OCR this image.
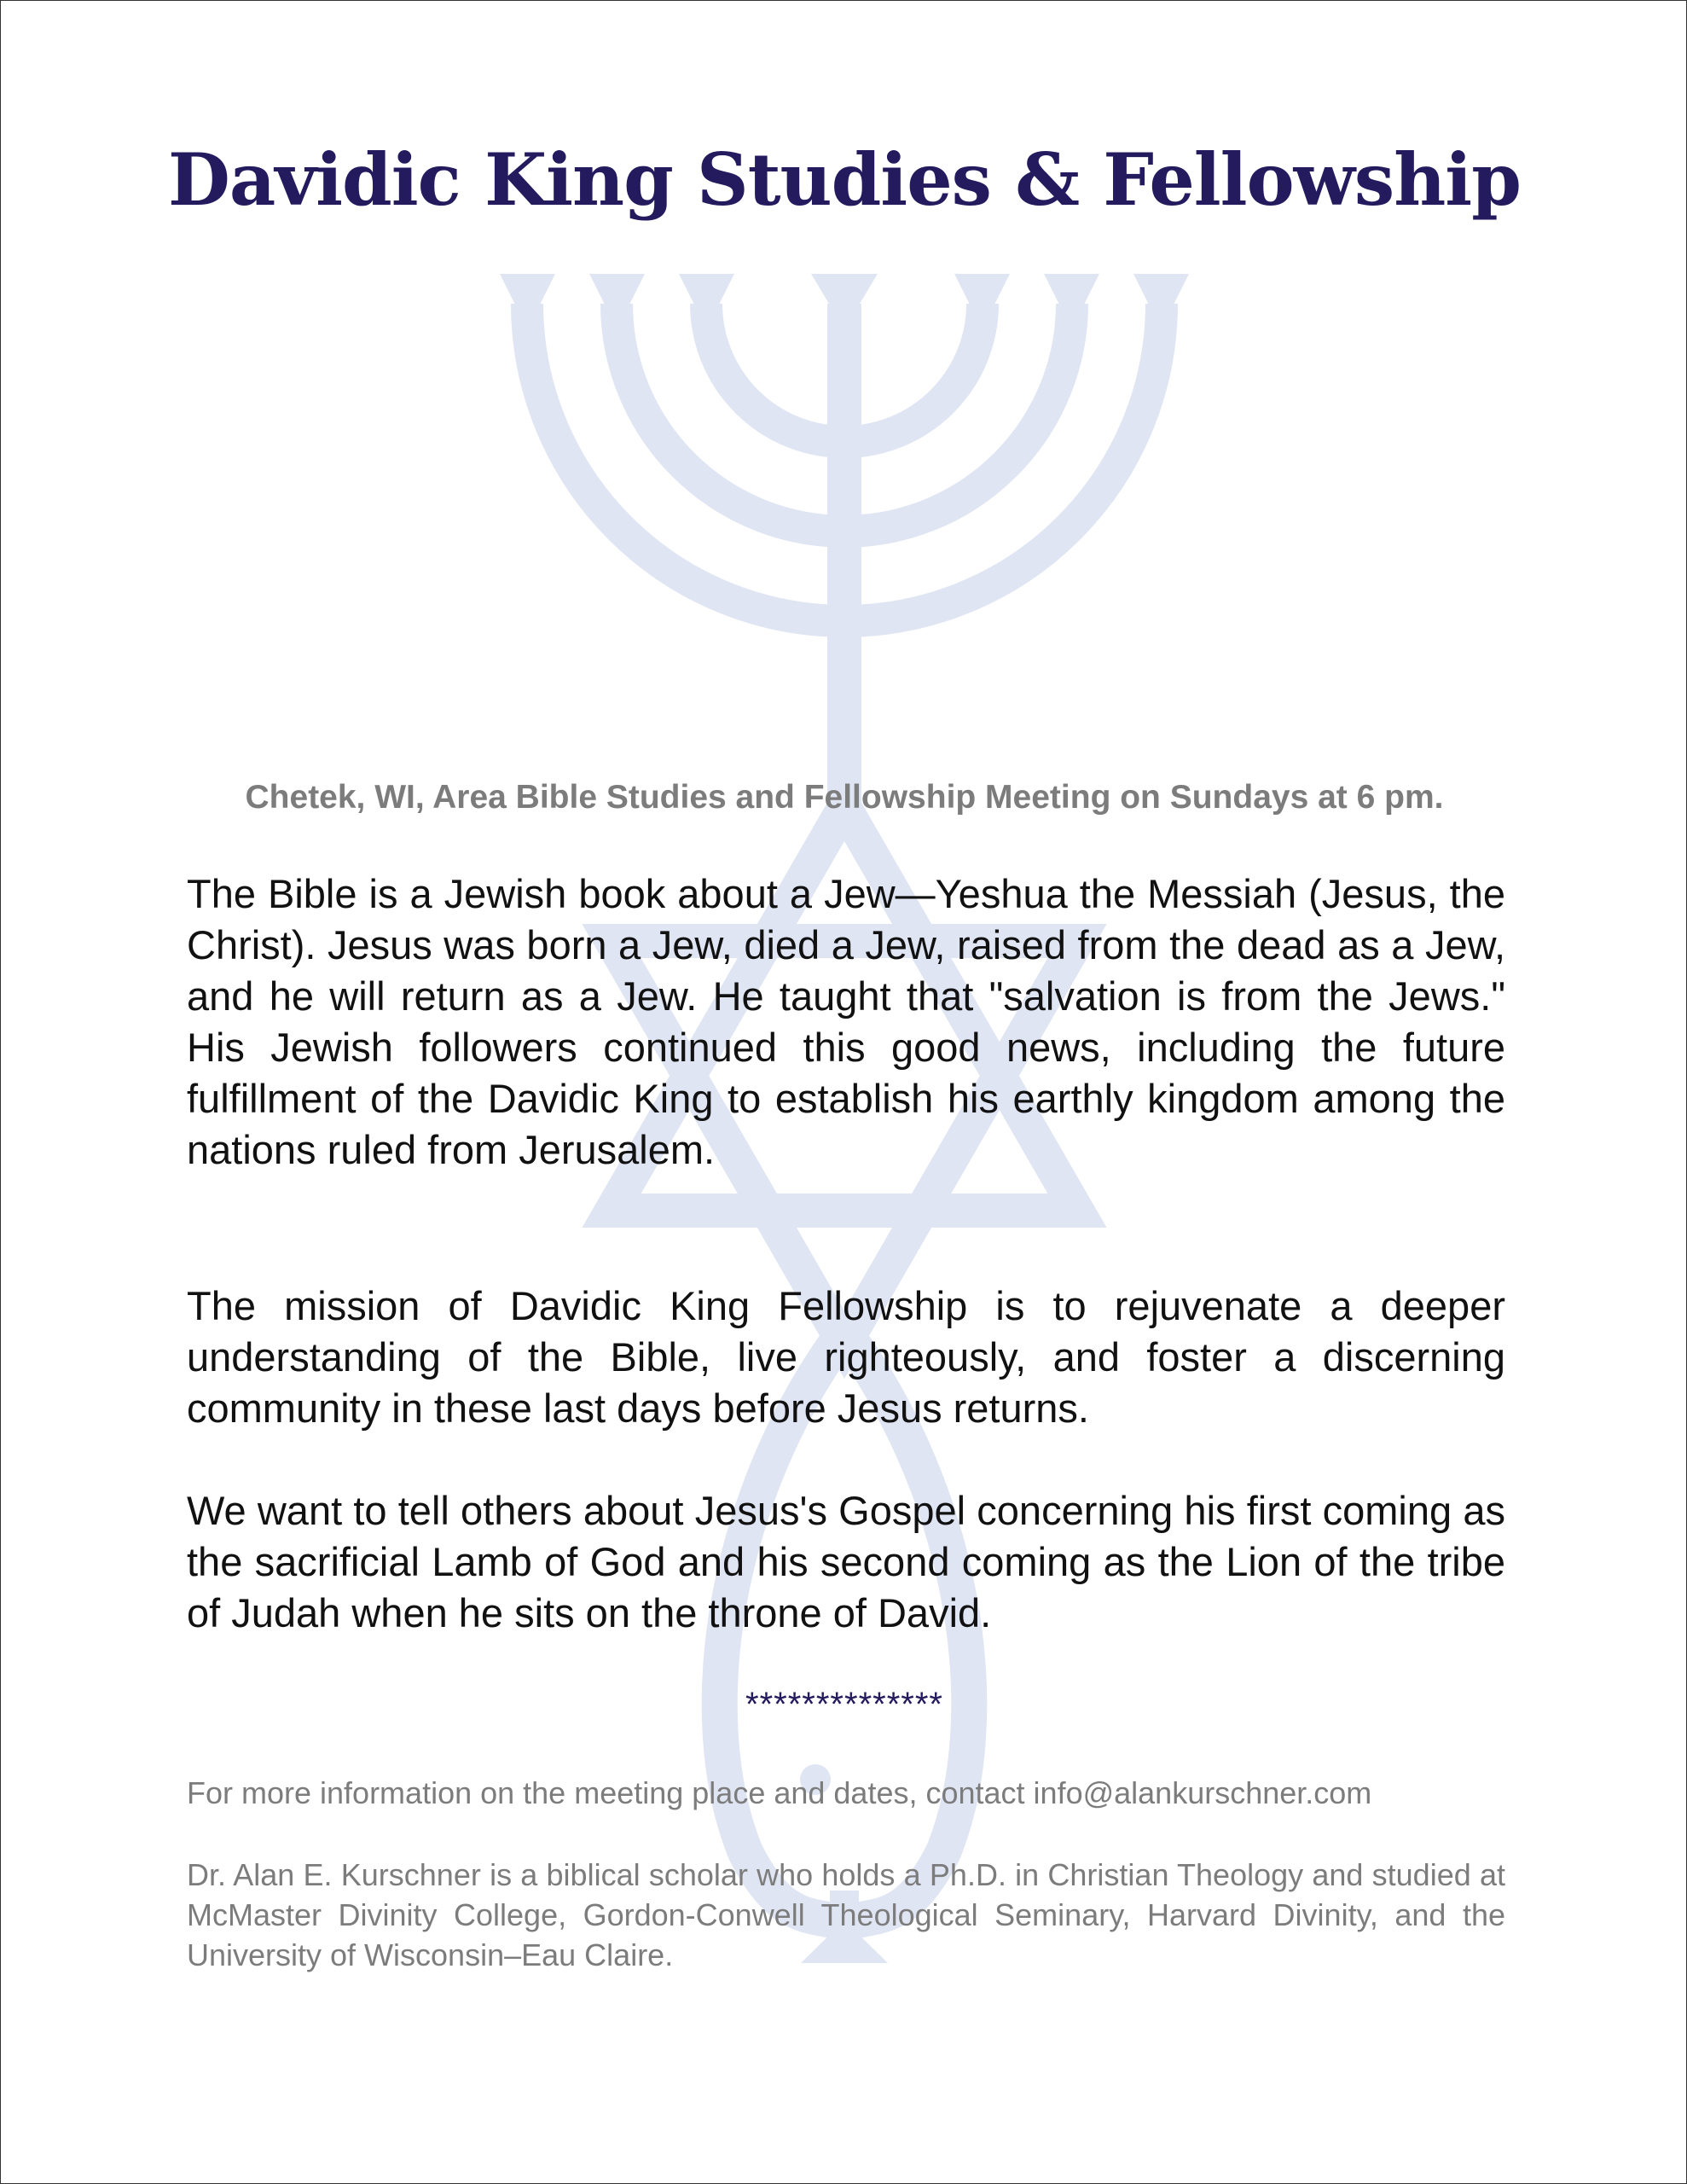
Davidic King Studies & Fellowship

Chetek, WI, Area Bible Studies and Fellowship Meeting on Sundays at 6 pm.

The Bible is a Jewish book about a Jew—Yeshua the Messiah (Jesus, the Christ). Jesus was born a Jew, died a Jew, raised from the dead as a Jew, and he will return as a Jew. He taught that "salvation is from the Jews." His Jewish followers continued this good news, including the future fulfillment of the Davidic King to establish his earthly kingdom among the nations ruled from Jerusalem.

The mission of Davidic King Fellowship is to rejuvenate a deeper understanding of the Bible, live righteously, and foster a discerning community in these last days before Jesus returns.

We want to tell others about Jesus's Gospel concerning his first coming as the sacrificial Lamb of God and his second coming as the Lion of the tribe of Judah when he sits on the throne of David.

**************

For more information on the meeting place and dates, contact info@alankurschner.com

Dr. Alan E. Kurschner is a biblical scholar who holds a Ph.D. in Christian Theology and studied at McMaster Divinity College, Gordon-Conwell Theological Seminary, Harvard Divinity, and the University of Wisconsin–Eau Claire.
